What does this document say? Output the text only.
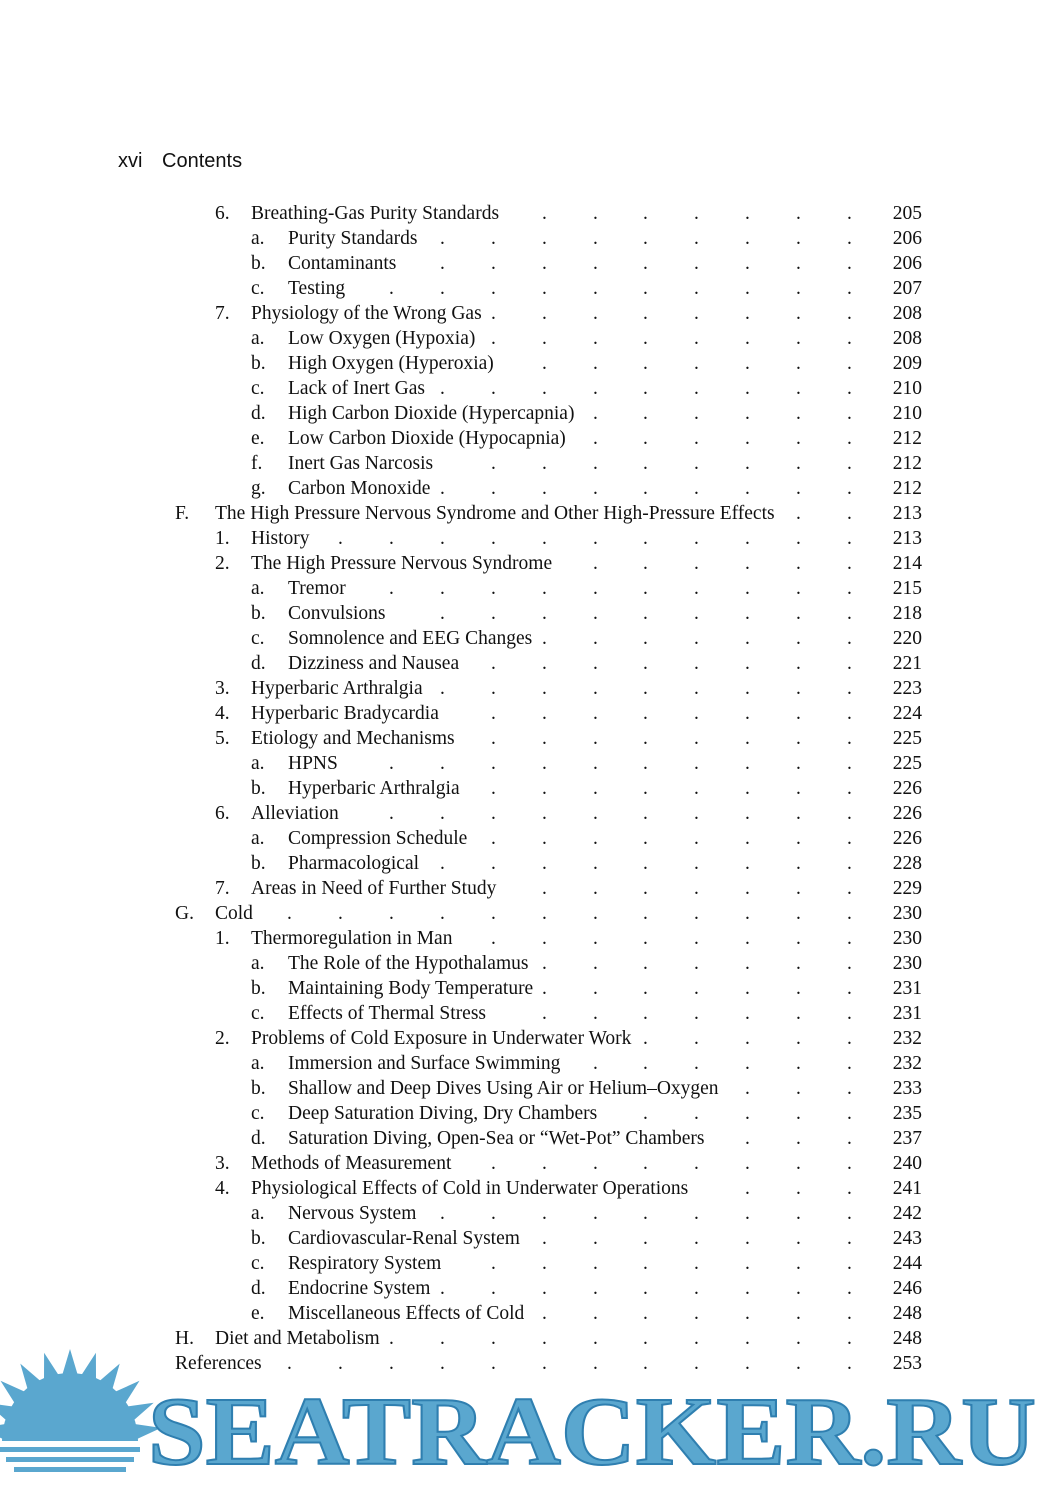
xvi Contents
6. Breathing-Gas Purity Standards . . . . . . . 205
a. Purity Standards . . . . . . . . . 206
b. Contaminants . . . . . . . . . 206
c. Testing . . . . . . . . . . 207
7. Physiology of the Wrong Gas . . . . . . . . 208
a. Low Oxygen (Hypoxia) . . . . . . . . 208
b. High Oxygen (Hyperoxia) . . . . . . . 209
c. Lack of Inert Gas . . . . . . . . . 210
d. High Carbon Dioxide (Hypercapnia) . . . . . . 210
e. Low Carbon Dioxide (Hypocapnia) . . . . . . 212
f. Inert Gas Narcosis	. . . . . . . . 212
g. Carbon Monoxide . . . . . . . . . 212
F. The High Pressure Nervous Syndrome and Other High-Pressure Effects . . 213
1. History . . . . . . . . . . . 213
2. The High Pressure Nervous Syndrome . . . . . . 214
a. Tremor . . . . . . . . . . 215
b. Convulsions	. . . . . . . . . 218
c. Somnolence and EEG Changes . . . . . . . 220
d. Dizziness and Nausea . . . . . . . . 221
3. Hyperbaric Arthralgia . . . . . . . . . 223
4. Hyperbaric Bradycardia	. . . . . . . . 224
5. Etiology and Mechanisms . . . . . . . . 225
a. HPNS	. . . . . . . . . . 225
b. Hyperbaric Arthralgia . . . . . . . . 226
6. Alleviation	. . . . . . . . . . 226
a. Compression Schedule . . . . . . . . 226
b. Pharmacological . . . . . . . . . 228
7. Areas in Need of Further Study . . . . . . . 229
G. Cold . . . . . . . . . . . . 230
1. Thermoregulation in Man . . . . . . . . 230
a. The Role of the Hypothalamus . . . . . . . 230
b. Maintaining Body Temperature . . . . . . . 231
c. Effects of Thermal Stress	. . . . . . . 231
2. Problems of Cold Exposure in Underwater Work . . . . . 232
a. Immersion and Surface Swimming . . . . . . 232
b. Shallow and Deep Dives Using Air or Helium–Oxygen . . . 233
c. Deep Saturation Diving, Dry Chambers . . . . . 235
d. Saturation Diving, Open-Sea or “Wet-Pot” Chambers . . . 237
3. Methods of Measurement . . . . . . . . 240
4. Physiological Effects of Cold in Underwater Operations	. . . 241
a. Nervous System . . . . . . . . . 242
b. Cardiovascular-Renal System . . . . . . . 243
c. Respiratory System	. . . . . . . . 244
d. Endocrine System . . . . . . . . . 246
e. Miscellaneous Effects of Cold . . . . . . . 248
H. Diet and Metabolism . . . . . . . . . . 248
References . . . . . . . . . . . . 253
SEATRACKER.RU
